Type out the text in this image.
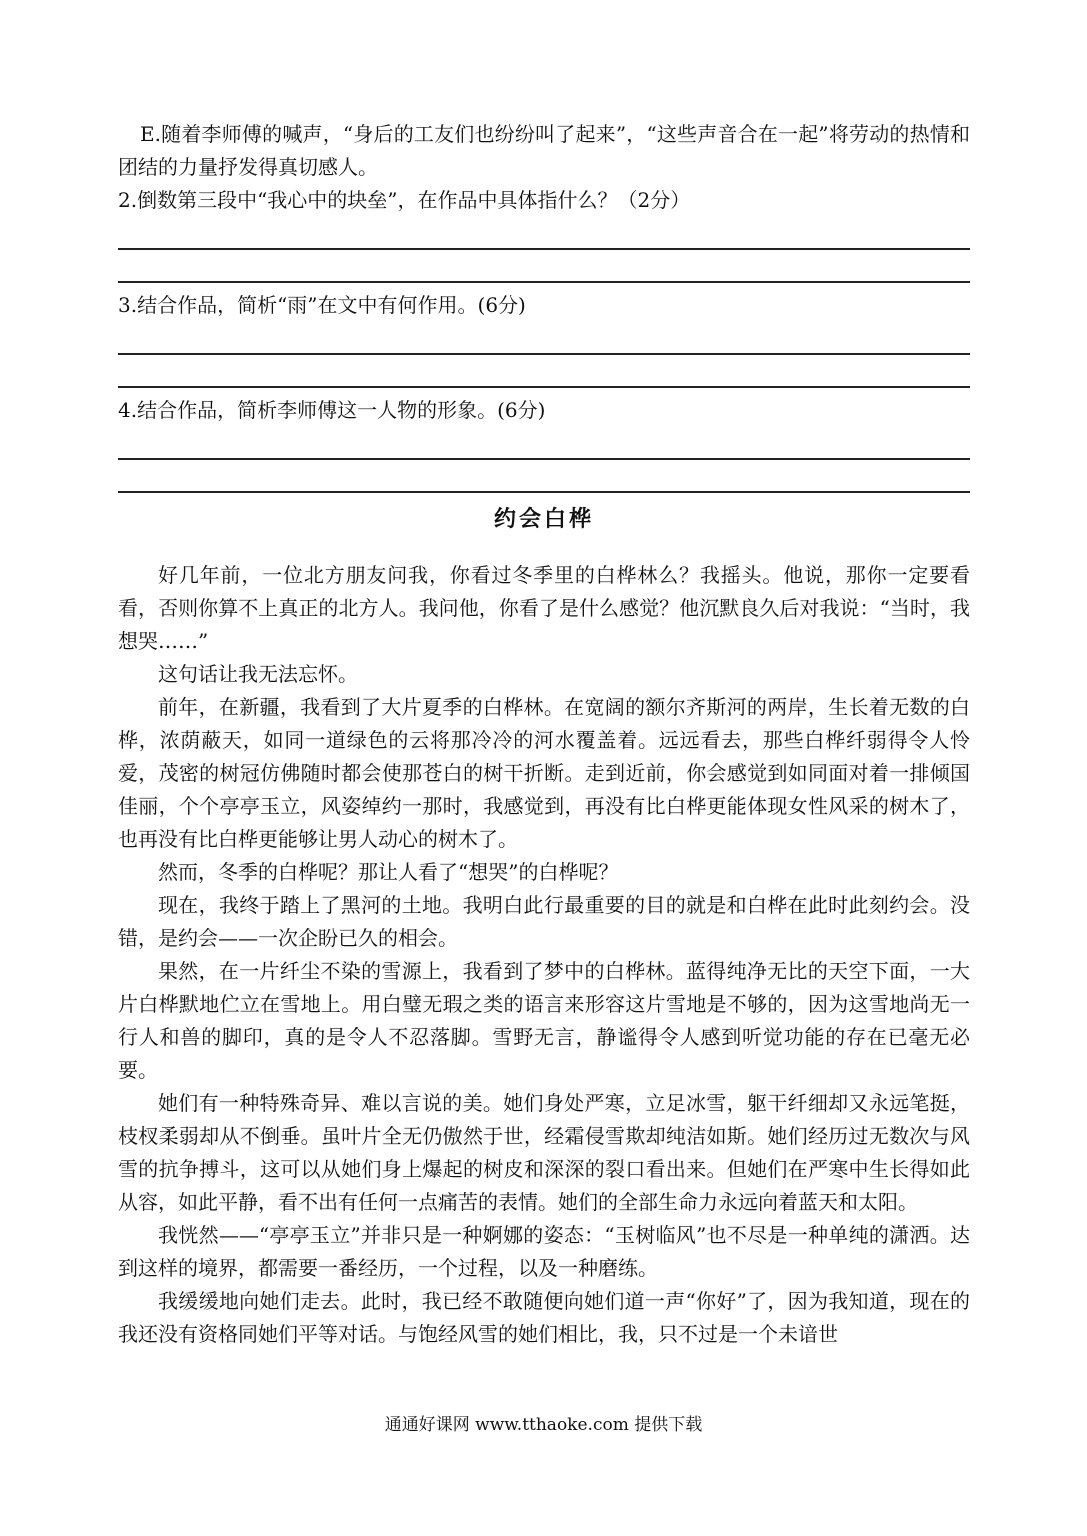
E.随着李师傅的喊声，“身后的工友们也纷纷叫了起来”，“这些声音合在一起”将劳动的热情和团结的力量抒发得真切感人。

2.倒数第三段中“我心中的块垒”，在作品中具体指什么？（2分）

3.结合作品，简析“雨”在文中有何作用。(6分)

4.结合作品，简析李师傅这一人物的形象。(6分)

约会白桦

好几年前，一位北方朋友问我，你看过冬季里的白桦林么？我摇头。他说，那你一定要看看，否则你算不上真正的北方人。我问他，你看了是什么感觉？他沉默良久后对我说：“当时，我想哭……”

这句话让我无法忘怀。

前年，在新疆，我看到了大片夏季的白桦林。在宽阔的额尔齐斯河的两岸，生长着无数的白桦，浓荫蔽天，如同一道绿色的云将那冷冷的河水覆盖着。远远看去，那些白桦纤弱得令人怜爱，茂密的树冠仿佛随时都会使那苍白的树干折断。走到近前，你会感觉到如同面对着一排倾国佳丽，个个亭亭玉立，风姿绰约一那时，我感觉到，再没有比白桦更能体现女性风采的树木了，也再没有比白桦更能够让男人动心的树木了。

然而，冬季的白桦呢？那让人看了“想哭”的白桦呢？

现在，我终于踏上了黑河的土地。我明白此行最重要的目的就是和白桦在此时此刻约会。没错，是约会——一次企盼已久的相会。

果然，在一片纤尘不染的雪源上，我看到了梦中的白桦林。蓝得纯净无比的天空下面，一大片白桦默地伫立在雪地上。用白璧无瑕之类的语言来形容这片雪地是不够的，因为这雪地尚无一行人和兽的脚印，真的是令人不忍落脚。雪野无言，静谧得令人感到听觉功能的存在已毫无必要。

她们有一种特殊奇异、难以言说的美。她们身处严寒，立足冰雪，躯干纤细却又永远笔挺，枝杈柔弱却从不倒垂。虽叶片全无仍傲然于世，经霜侵雪欺却纯洁如斯。她们经历过无数次与风雪的抗争搏斗，这可以从她们身上爆起的树皮和深深的裂口看出来。但她们在严寒中生长得如此从容，如此平静，看不出有任何一点痛苦的表情。她们的全部生命力永远向着蓝天和太阳。

我恍然——“亭亭玉立”并非只是一种婀娜的姿态：“玉树临风”也不尽是一种单纯的潇洒。达到这样的境界，都需要一番经历，一个过程，以及一种磨练。

我缓缓地向她们走去。此时，我已经不敢随便向她们道一声“你好”了，因为我知道，现在的我还没有资格同她们平等对话。与饱经风雪的她们相比，我，只不过是一个未谙世

通通好课网 www.tthaoke.com 提供下载
